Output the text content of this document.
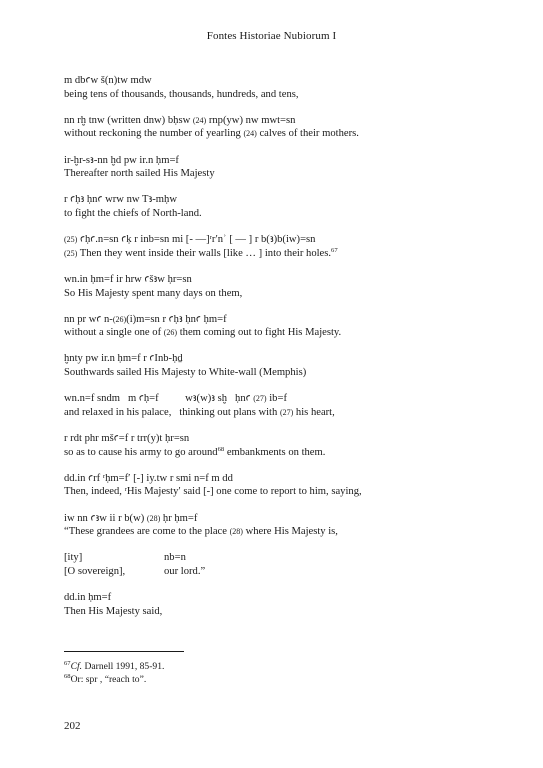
Fontes Historiae Nubiorum I
m dbꜥw š(n)tw mdw
being tens of thousands, thousands, hundreds, and tens,
nn rḫ tnw (written dnw) bḥsw (24) rnp(yw) nw mwt=sn
without reckoning the number of yearling (24) calves of their mothers.
ir-ḫr-sꜣ-nn ḫd pw ir.n ḥm=f
Thereafter north sailed His Majesty
r ꜥḥꜣ ḥnꜥ wrw nw Tꜣ-mḥw
to fight the chiefs of North-land.
(25) ꜥḥꜥ.n=sn ꜥḳ r inb=sn mi [- —]ʳrʹnʾ [ — ] r b(ꜣ)b(iw)=sn
(25) Then they went inside their walls [like … ] into their holes.$^{67}$
wn.in ḥm=f ir hrw ꜥšꜣw ḥr=sn
So His Majesty spent many days on them,
nn pr wꜥ n-(26)(i)m=sn r ꜥḥꜣ ḥnꜥ ḥm=f
without a single one of (26) them coming out to fight His Majesty.
ḫnty pw ir.n ḥm=f r ꜥInb-ḥḏ
Southwards sailed His Majesty to White-wall (Memphis)
wn.n=f sndm   m ꜥḥ=f          wꜣ(w)ꜣ sḫ   ḥnꜥ (27) ib=f
and relaxed in his palace,   thinking out plans with (27) his heart,
r rdt phr mšꜥ=f r trr(y)t ḥr=sn
so as to cause his army to go around$^{68}$ embankments on them.
dd.in ꜥrf ʳḥm=fʹ [-] iy.tw r smi n=f m dd
Then, indeed, ʳHis Majestyʹ said [-] one come to report to him, saying,
iw nn ꜥꜣw ii r b(w) (28) ḥr ḥm=f
“These grandees are come to the place (28) where His Majesty is,
[ity]	nb=n
[O sovereign],	our lord.”
dd.in ḥm=f
Then His Majesty said,
$^{67}$Cf. Darnell 1991, 85-91.
$^{68}$Or: spr , “reach to”.
202
